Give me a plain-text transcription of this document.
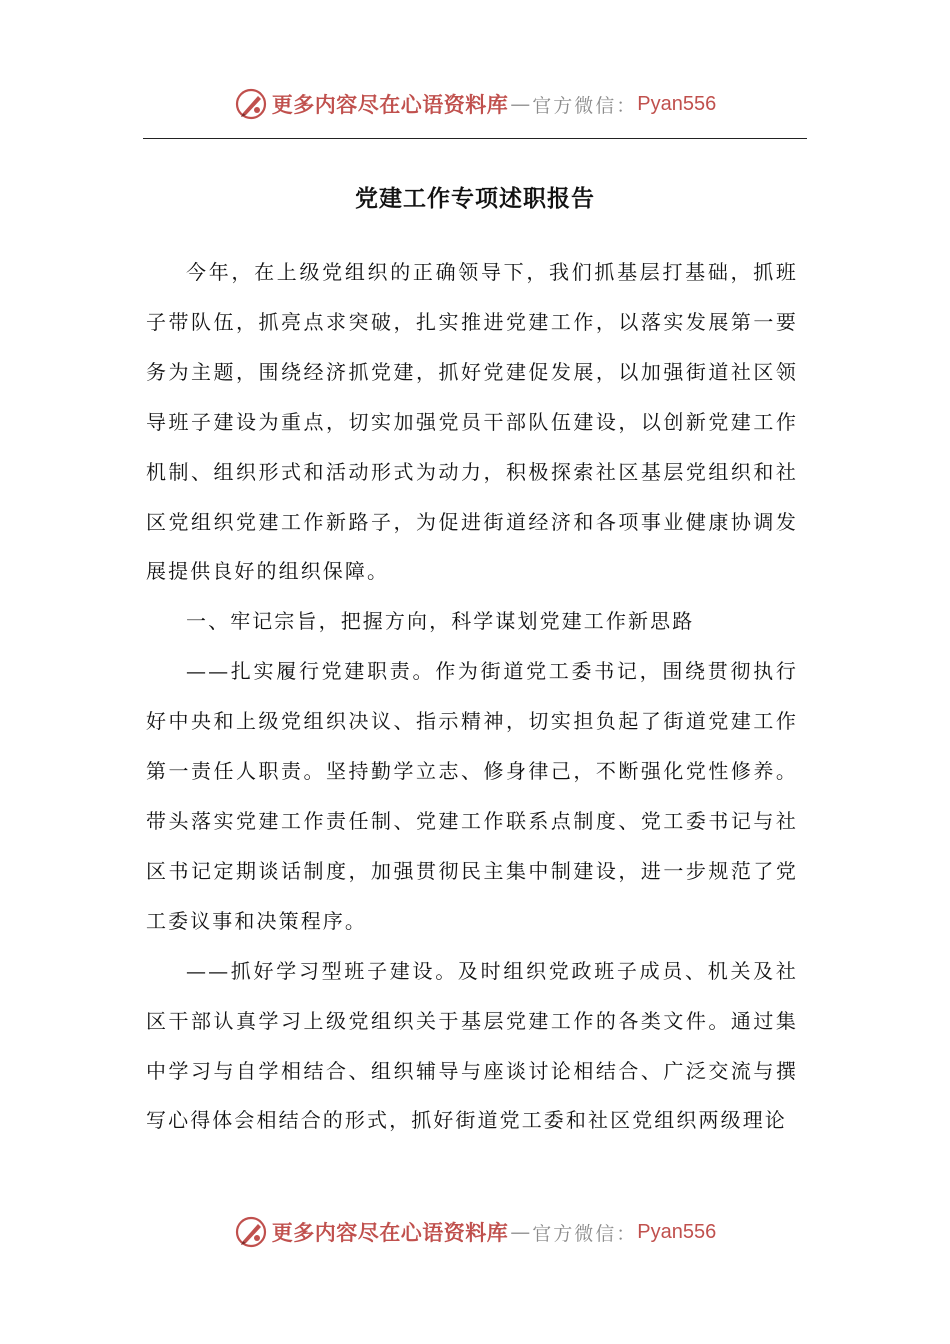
更多内容尽在心语资料库 — 官方微信： Pyan556
党建工作专项述职报告

今年，在上级党组织的正确领导下，我们抓基层打基础，抓班子带队伍，抓亮点求突破，扎实推进党建工作，以落实发展第一要务为主题，围绕经济抓党建，抓好党建促发展，以加强街道社区领导班子建设为重点，切实加强党员干部队伍建设，以创新党建工作机制、组织形式和活动形式为动力，积极探索社区基层党组织和社区党组织党建工作新路子，为促进街道经济和各项事业健康协调发展提供良好的组织保障。

一、牢记宗旨，把握方向，科学谋划党建工作新思路

——扎实履行党建职责。作为街道党工委书记，围绕贯彻执行好中央和上级党组织决议、指示精神，切实担负起了街道党建工作第一责任人职责。坚持勤学立志、修身律己，不断强化党性修养。带头落实党建工作责任制、党建工作联系点制度、党工委书记与社区书记定期谈话制度，加强贯彻民主集中制建设，进一步规范了党工委议事和决策程序。

——抓好学习型班子建设。及时组织党政班子成员、机关及社区干部认真学习上级党组织关于基层党建工作的各类文件。通过集中学习与自学相结合、组织辅导与座谈讨论相结合、广泛交流与撰写心得体会相结合的形式，抓好街道党工委和社区党组织两级理论

更多内容尽在心语资料库 — 官方微信： Pyan556
